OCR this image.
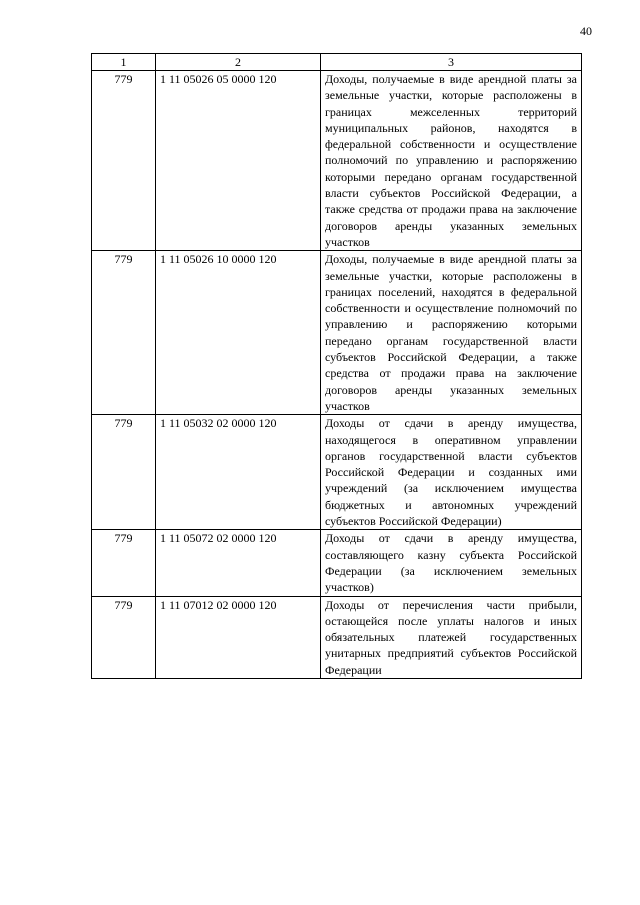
40
1	2	3
779	1 11 05026 05 0000 120	Доходы, получаемые в виде арендной платы за земельные участки, которые расположены в границах межселенных территорий муниципальных районов, находятся в федеральной собственности и осуществление полномочий по управлению и распоряжению которыми передано органам государственной власти субъектов Российской Федерации, а также средства от продажи права на заключение договоров аренды указанных земельных участков
779	1 11 05026 10 0000 120	Доходы, получаемые в виде арендной платы за земельные участки, которые расположены в границах поселений, находятся в федеральной собственности и осуществление полномочий по управлению и распоряжению которыми передано органам государственной власти субъектов Российской Федерации, а также средства от продажи права на заключение договоров аренды указанных земельных участков
779	1 11 05032 02 0000 120	Доходы от сдачи в аренду имущества, находящегося в оперативном управлении органов государственной власти субъектов Российской Федерации и созданных ими учреждений (за исключением имущества бюджетных и автономных учреждений субъектов Российской Федерации)
779	1 11 05072 02 0000 120	Доходы от сдачи в аренду имущества, составляющего казну субъекта Российской Федерации (за исключением земельных участков)
779	1 11 07012 02 0000 120	Доходы от перечисления части прибыли, остающейся после уплаты налогов и иных обязательных платежей государственных унитарных предприятий субъектов Российской Федерации
